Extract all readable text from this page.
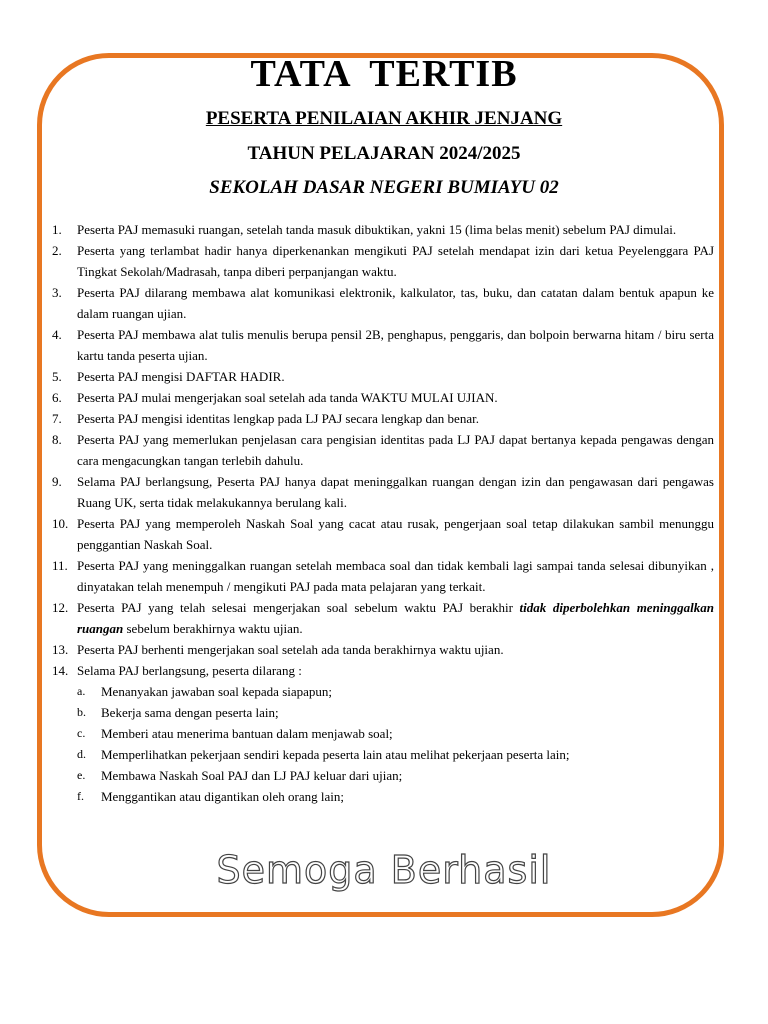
TATA TERTIB
PESERTA PENILAIAN AKHIR JENJANG
TAHUN PELAJARAN 2024/2025
SEKOLAH DASAR NEGERI BUMIAYU 02
1. Peserta PAJ memasuki ruangan, setelah tanda masuk dibuktikan, yakni 15 (lima belas menit) sebelum PAJ dimulai.
2. Peserta yang terlambat hadir hanya diperkenankan mengikuti PAJ setelah mendapat izin dari ketua Peyelenggara PAJ Tingkat Sekolah/Madrasah, tanpa diberi perpanjangan waktu.
3. Peserta PAJ dilarang membawa alat komunikasi elektronik, kalkulator, tas, buku, dan catatan dalam bentuk apapun ke dalam ruangan ujian.
4. Peserta PAJ membawa alat tulis menulis berupa pensil 2B, penghapus, penggaris, dan bolpoin berwarna hitam / biru serta kartu tanda peserta ujian.
5. Peserta PAJ mengisi DAFTAR HADIR.
6. Peserta PAJ mulai mengerjakan soal setelah ada tanda WAKTU MULAI UJIAN.
7. Peserta PAJ mengisi identitas lengkap pada LJ PAJ secara lengkap dan benar.
8. Peserta PAJ yang memerlukan penjelasan cara pengisian identitas pada LJ PAJ dapat bertanya kepada pengawas dengan cara mengacungkan tangan terlebih dahulu.
9. Selama PAJ berlangsung, Peserta PAJ hanya dapat meninggalkan ruangan dengan izin dan pengawasan dari pengawas Ruang UK, serta tidak melakukannya berulang kali.
10. Peserta PAJ yang memperoleh Naskah Soal yang cacat atau rusak, pengerjaan soal tetap dilakukan sambil menunggu penggantian Naskah Soal.
11. Peserta PAJ yang meninggalkan ruangan setelah membaca soal dan tidak kembali lagi sampai tanda selesai dibunyikan , dinyatakan telah menempuh / mengikuti PAJ pada mata pelajaran yang terkait.
12. Peserta PAJ yang telah selesai mengerjakan soal sebelum waktu PAJ berakhir tidak diperbolehkan meninggalkan ruangan sebelum berakhirnya waktu ujian.
13. Peserta PAJ berhenti mengerjakan soal setelah ada tanda berakhirnya waktu ujian.
14. Selama PAJ berlangsung, peserta dilarang :
a. Menanyakan jawaban soal kepada siapapun;
b. Bekerja sama dengan peserta lain;
c. Memberi atau menerima bantuan dalam menjawab soal;
d. Memperlihatkan pekerjaan sendiri kepada peserta lain atau melihat pekerjaan peserta lain;
e. Membawa Naskah Soal PAJ dan LJ PAJ keluar dari ujian;
f. Menggantikan atau digantikan oleh orang lain;
Semoga Berhasil
